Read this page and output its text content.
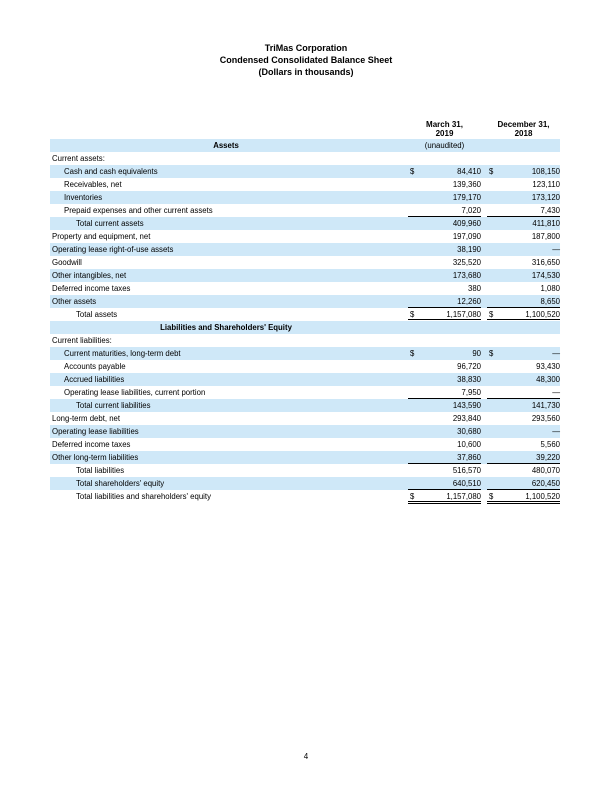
TriMas Corporation
Condensed Consolidated Balance Sheet
(Dollars in thousands)
March 31,
2019
December 31,
2018
Assets	(unaudited)
Current assets:
Cash and cash equivalents	$	84,410 $	108,150
Receivables, net	139,360	123,110
Inventories	179,170	173,120
Prepaid expenses and other current assets	7,020	7,430
Total current assets	409,960	411,810
Property and equipment, net	197,090	187,800
Operating lease right-of-use assets	38,190	—
Goodwill	325,520	316,650
Other intangibles, net	173,680	174,530
Deferred income taxes	380	1,080
Other assets	12,260	8,650
Total assets	$	1,157,080 $	1,100,520
Liabilities and Shareholders' Equity
Current liabilities:
Current maturities, long-term debt	$	90 $	—
Accounts payable	96,720	93,430
Accrued liabilities	38,830	48,300
Operating lease liabilities, current portion	7,950	—
Total current liabilities	143,590	141,730
Long-term debt, net	293,840	293,560
Operating lease liabilities	30,680	—
Deferred income taxes	10,600	5,560
Other long-term liabilities	37,860	39,220
Total liabilities	516,570	480,070
Total shareholders' equity	640,510	620,450
Total liabilities and shareholders' equity	$	1,157,080 $	1,100,520
4
